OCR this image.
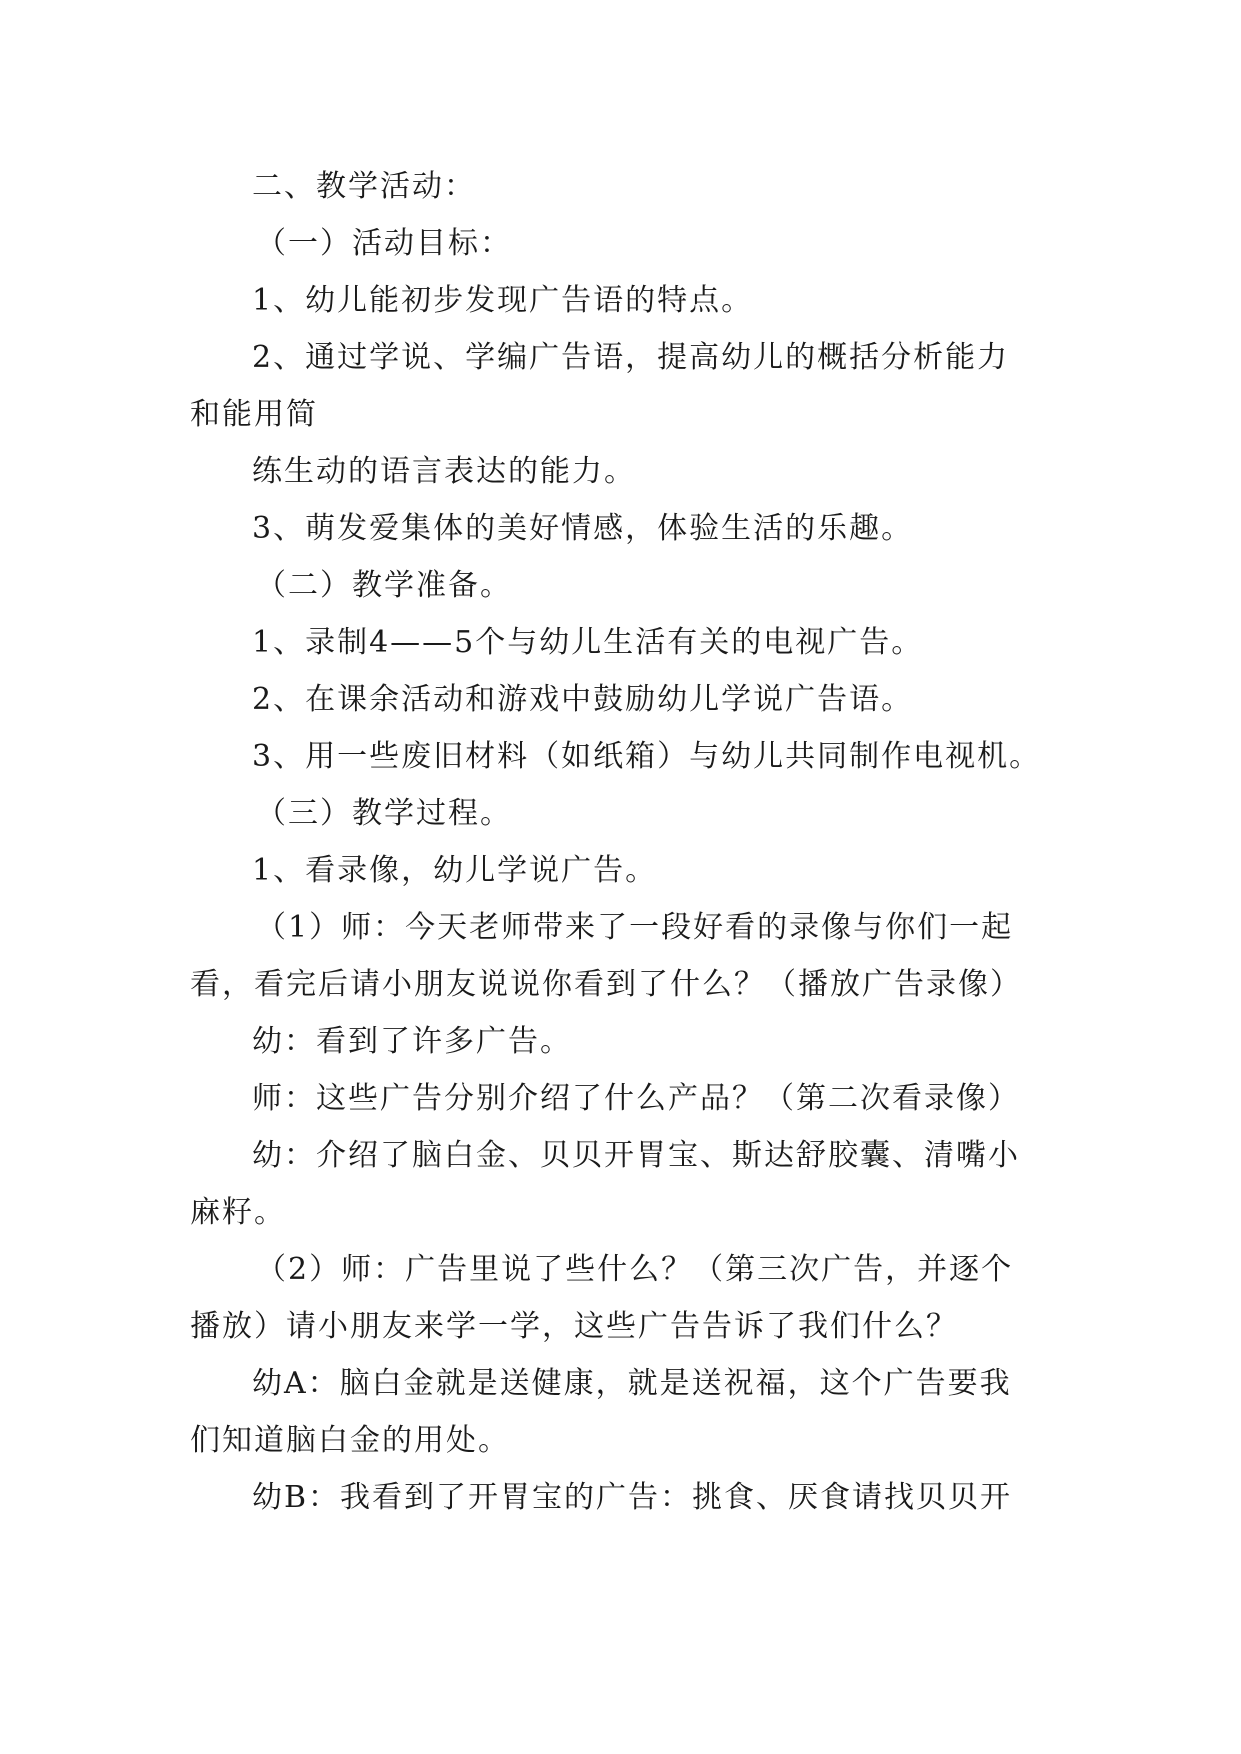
二、教学活动：
（一）活动目标：
1、幼儿能初步发现广告语的特点。
2、通过学说、学编广告语，提高幼儿的概括分析能力
和能用简
练生动的语言表达的能力。
3、萌发爱集体的美好情感，体验生活的乐趣。
（二）教学准备。
1、录制4——5个与幼儿生活有关的电视广告。
2、在课余活动和游戏中鼓励幼儿学说广告语。
3、用一些废旧材料（如纸箱）与幼儿共同制作电视机。
（三）教学过程。
1、看录像，幼儿学说广告。
（1）师：今天老师带来了一段好看的录像与你们一起
看，看完后请小朋友说说你看到了什么？（播放广告录像）
幼：看到了许多广告。
师：这些广告分别介绍了什么产品？（第二次看录像）
幼：介绍了脑白金、贝贝开胃宝、斯达舒胶囊、清嘴小
麻籽。
（2）师：广告里说了些什么？（第三次广告，并逐个
播放）请小朋友来学一学，这些广告告诉了我们什么？
幼A：脑白金就是送健康，就是送祝福，这个广告要我
们知道脑白金的用处。
幼B：我看到了开胃宝的广告：挑食、厌食请找贝贝开
